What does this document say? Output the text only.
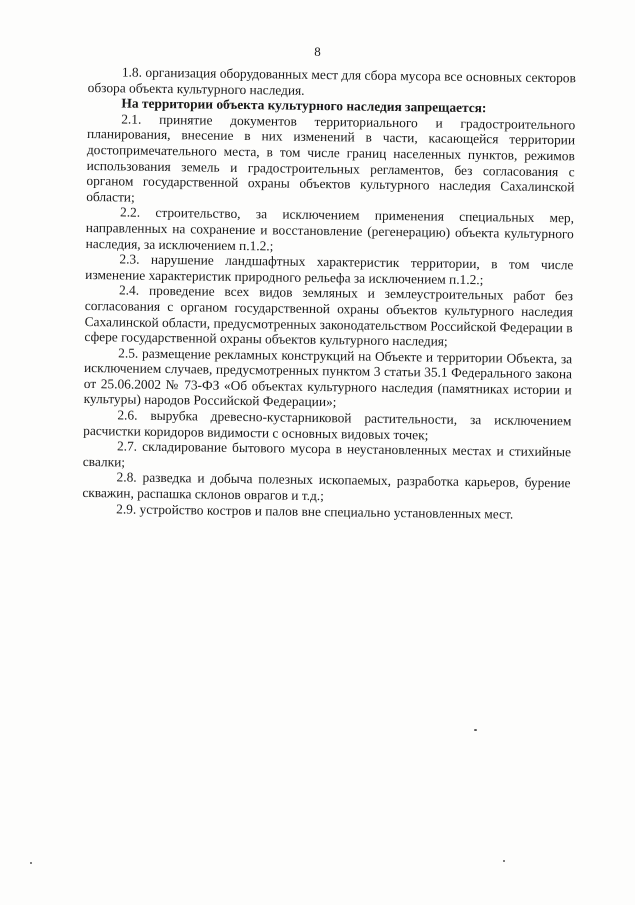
8

1.8. организация оборудованных мест для сбора мусора все основных секторов обзора объекта культурного наследия.

На территории объекта культурного наследия запрещается:

2.1. принятие документов территориального и градостроительного планирования, внесение в них изменений в части, касающейся территории достопримечательного места, в том числе границ населенных пунктов, режимов использования земель и градостроительных регламентов, без согласования с органом государственной охраны объектов культурного наследия Сахалинской области;

2.2. строительство, за исключением применения специальных мер, направленных на сохранение и восстановление (регенерацию) объекта культурного наследия, за исключением п.1.2.;

2.3. нарушение ландшафтных характеристик территории, в том числе изменение характеристик природного рельефа за исключением п.1.2.;

2.4. проведение всех видов земляных и землеустроительных работ без согласования с органом государственной охраны объектов культурного наследия Сахалинской области, предусмотренных законодательством Российской Федерации в сфере государственной охраны объектов культурного наследия;

2.5. размещение рекламных конструкций на Объекте и территории Объекта, за исключением случаев, предусмотренных пунктом 3 статьи 35.1 Федерального закона от 25.06.2002 № 73-ФЗ «Об объектах культурного наследия (памятниках истории и культуры) народов Российской Федерации»;

2.6. вырубка древесно-кустарниковой растительности, за исключением расчистки коридоров видимости с основных видовых точек;

2.7. складирование бытового мусора в неустановленных местах и стихийные свалки;

2.8. разведка и добыча полезных ископаемых, разработка карьеров, бурение скважин, распашка склонов оврагов и т.д.;

2.9. устройство костров и палов вне специально установленных мест.
